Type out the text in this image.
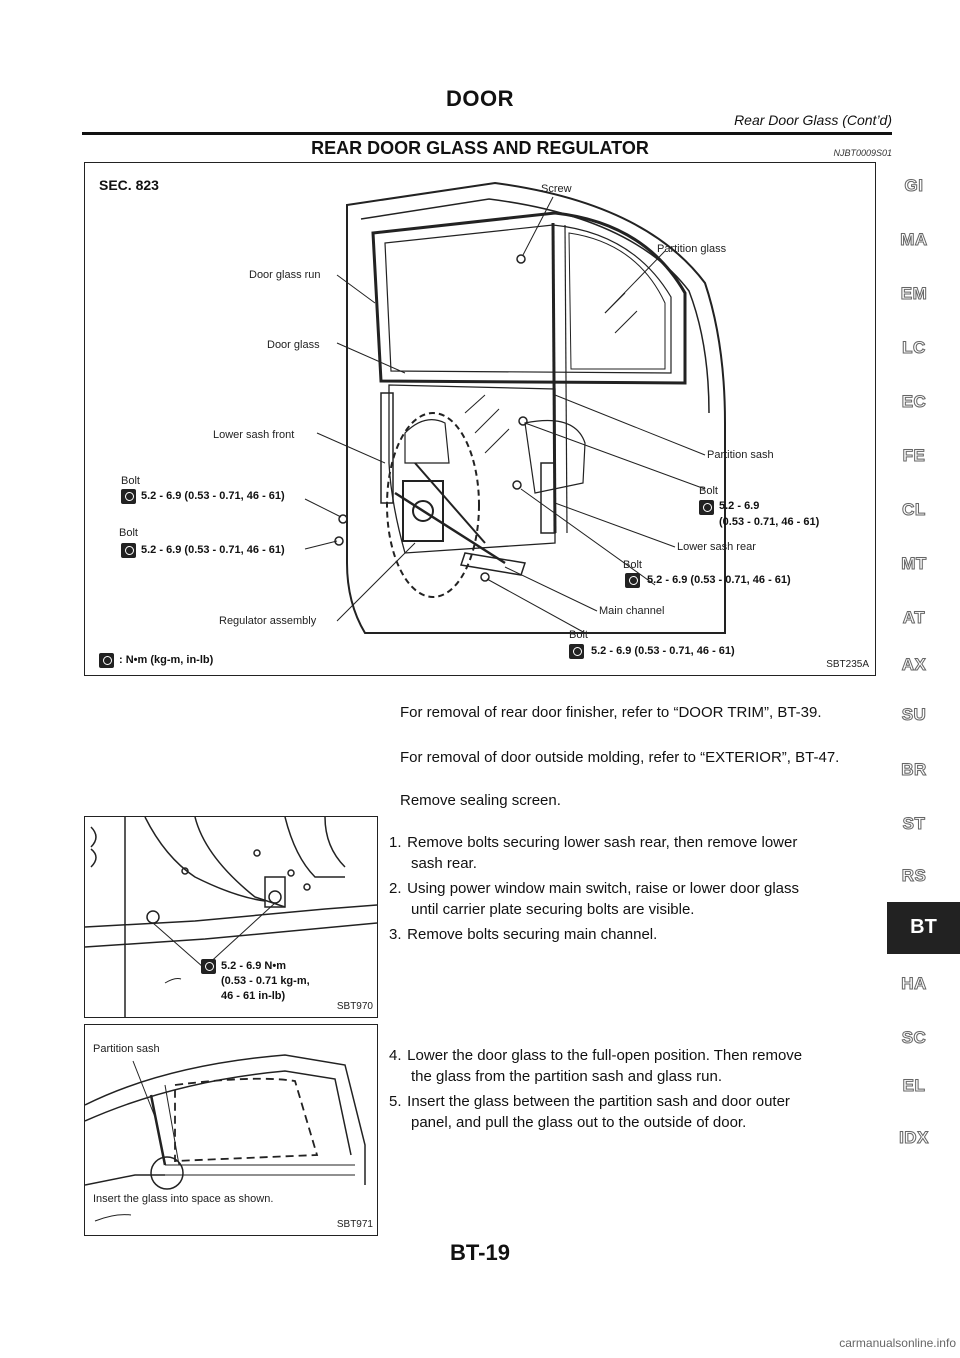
DOOR
Rear Door Glass (Cont’d)
REAR DOOR GLASS AND REGULATOR	NJBT0009S01
SEC. 823	Screw
Partition glass
Door glass run
Door glass
Lower sash front
Bolt
5.2 - 6.9 (0.53 - 0.71, 46 - 61)
Bolt
5.2 - 6.9 (0.53 - 0.71, 46 - 61)
Regulator assembly
Partition sash
Bolt
5.2 - 6.9
(0.53 - 0.71, 46 - 61)
Lower sash rear
Bolt
5.2 - 6.9 (0.53 - 0.71, 46 - 61)
Main channel
Bolt
5.2 - 6.9 (0.53 - 0.71, 46 - 61)
: N•m (kg-m, in-lb)	SBT235A
For removal of rear door finisher, refer to “DOOR TRIM”, BT-39.
For removal of door outside molding, refer to “EXTERIOR”, BT-47.
Remove sealing screen.
5.2 - 6.9 N•m
(0.53 - 0.71 kg-m,
46 - 61 in-lb)
SBT970
1. Remove bolts securing lower sash rear, then remove lower
sash rear.
2. Using power window main switch, raise or lower door glass
until carrier plate securing bolts are visible.
3. Remove bolts securing main channel.
Partition sash
Insert the glass into space as shown.
SBT971
4. Lower the door glass to the full-open position. Then remove
the glass from the partition sash and glass run.
5. Insert the glass between the partition sash and door outer
panel, and pull the glass out to the outside of door.
GI
MA
EM
LC
EC
FE
CL
MT
AT
AX
SU
BR
ST
RS
BT
HA
SC
EL
IDX
BT-19
carmanualsonline.info
